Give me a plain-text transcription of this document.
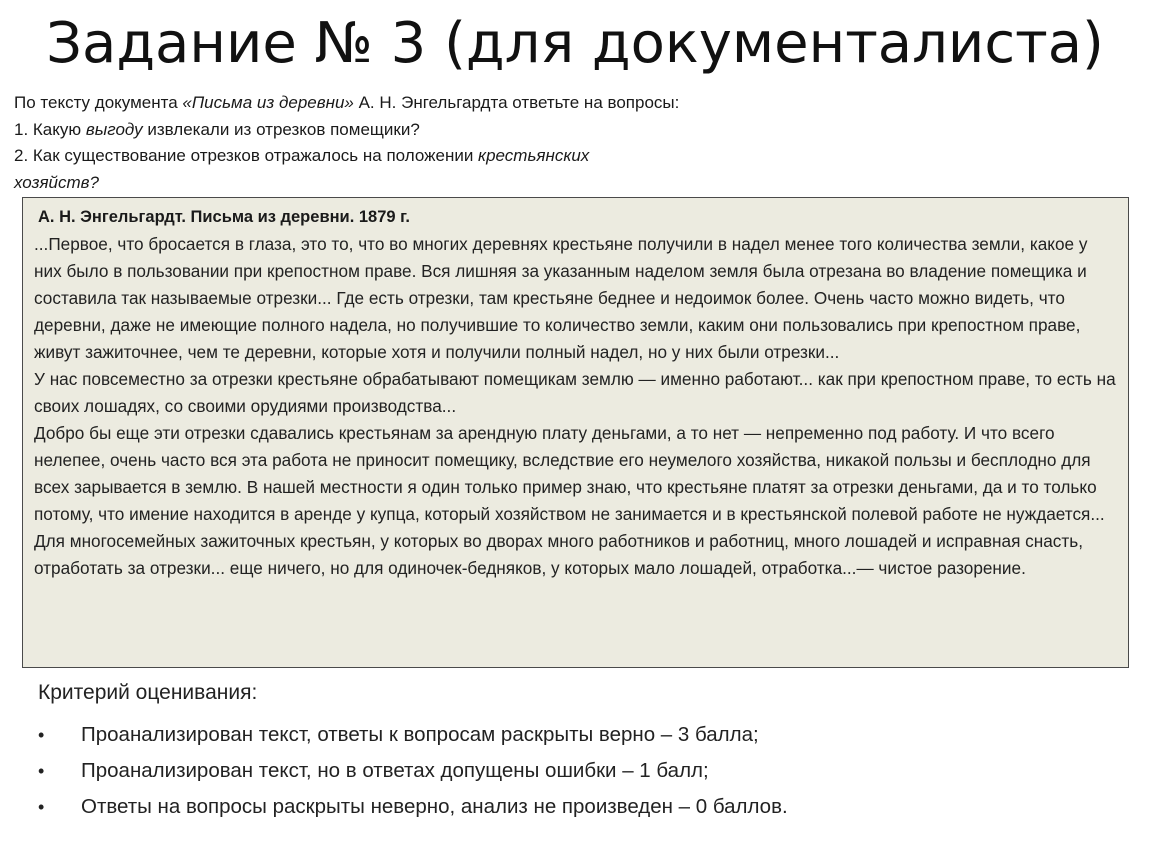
Задание № 3 (для документалиста)

По тексту документа «Письма из деревни» А. Н. Энгельгардта ответьте на вопросы:

1. Какую выгоду извлекали из отрезков помещики?

2. Как существование отрезков отражалось на положении крестьянских

хозяйств?

А. Н. Энгельгардт. Письма из деревни. 1879 г.

...Первое, что бросается в глаза, это то, что во многих деревнях крестьяне получили в надел менее того количества земли, какое у них было в пользовании при крепостном праве. Вся лишняя за указанным наделом земля была отрезана во владение помещика и составила так называемые отрезки... Где есть отрезки, там крестьяне беднее и недоимок более. Очень часто можно видеть, что деревни, даже не имеющие полного надела, но получившие то количество земли, каким они пользовались при крепостном праве, живут зажиточнее, чем те деревни, которые хотя и получили полный надел, но у них были отрезки...

У нас повсеместно за отрезки крестьяне обрабатывают помещикам землю — именно работают... как при крепостном праве, то есть на своих лошадях, со своими орудиями производства...

Добро бы еще эти отрезки сдавались крестьянам за арендную плату деньгами, а то нет — непременно под работу. И что всего нелепее, очень часто вся эта работа не приносит помещику, вследствие его неумелого хозяйства, никакой пользы и бесплодно для всех зарывается в землю. В нашей местности я один только пример знаю, что крестьяне платят за отрезки деньгами, да и то только потому, что имение находится в аренде у купца, который хозяйством не занимается и в крестьянской полевой работе не нуждается...

Для многосемейных зажиточных крестьян, у которых во дворах много работников и работниц, много лошадей и исправная снасть, отработать за отрезки... еще ничего, но для одиночек-бедняков, у которых мало лошадей, отработка...— чистое разорение.

Критерий оценивания:
• Проанализирован текст, ответы к вопросам раскрыты верно – 3 балла;
• Проанализирован текст, но в ответах допущены ошибки – 1 балл;
• Ответы на вопросы раскрыты неверно, анализ не произведен – 0 баллов.
